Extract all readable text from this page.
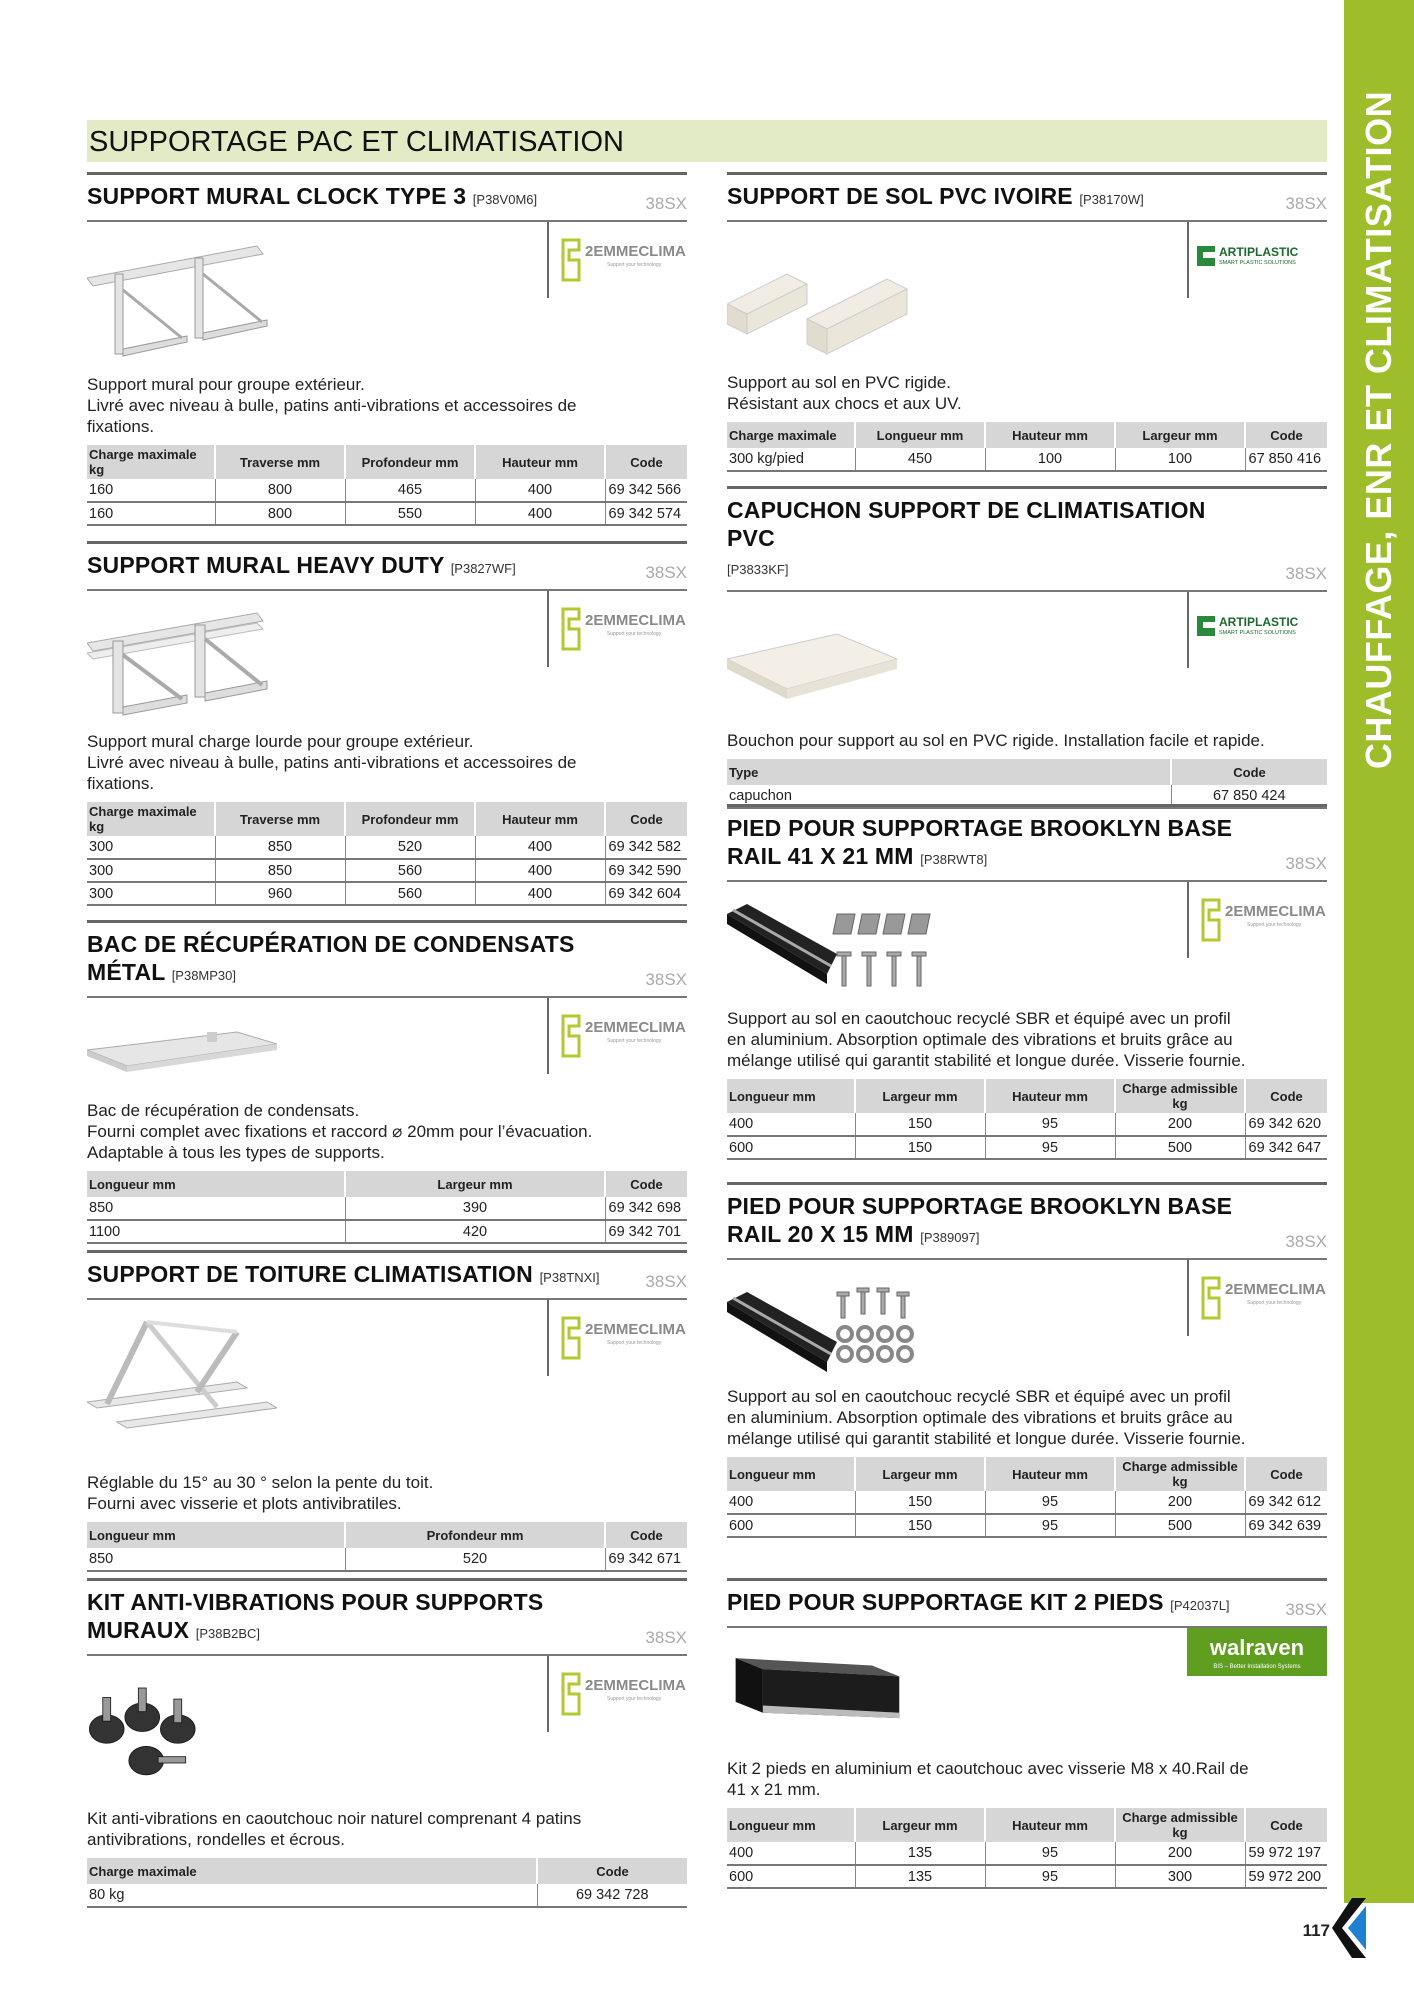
CHAUFFAGE, ENR ET CLIMATISATION
117
SUPPORTAGE PAC ET CLIMATISATION
SUPPORT MURAL CLOCK TYPE 3 [P38V0M6]	38SX
2EMMECLIMA
Support your technology
Support mural pour groupe extérieur.
Livré avec niveau à bulle, patins anti-vibrations et accessoires de
fixations.
Charge maximale kg	Traverse mm	Profondeur mm	Hauteur mm	Code
160	800	465	400	69 342 566
160	800	550	400	69 342 574
SUPPORT MURAL HEAVY DUTY [P3827WF]	38SX
2EMMECLIMA
Support your technology
Support mural charge lourde pour groupe extérieur.
Livré avec niveau à bulle, patins anti-vibrations et accessoires de
fixations.
Charge maximale kg	Traverse mm	Profondeur mm	Hauteur mm	Code
300	850	520	400	69 342 582
300	850	560	400	69 342 590
300	960	560	400	69 342 604
BAC DE RÉCUPÉRATION DE CONDENSATS
MÉTAL [P38MP30]	38SX
2EMMECLIMA
Support your technology
Bac de récupération de condensats.
Fourni complet avec fixations et raccord ⌀ 20mm pour l’évacuation.
Adaptable à tous les types de supports.
Longueur mm	Largeur mm	Code
850	390	69 342 698
1100	420	69 342 701
SUPPORT DE TOITURE CLIMATISATION [P38TNXI]	38SX
2EMMECLIMA
Support your technology
Réglable du 15° au 30 ° selon la pente du toit.
Fourni avec visserie et plots antivibratiles.
Longueur mm	Profondeur mm	Code
850	520	69 342 671
KIT ANTI-VIBRATIONS POUR SUPPORTS
MURAUX [P38B2BC]	38SX
2EMMECLIMA
Support your technology
Kit anti-vibrations en caoutchouc noir naturel comprenant 4 patins
antivibrations, rondelles et écrous.
Charge maximale	Code
80 kg	69 342 728
SUPPORT DE SOL PVC IVOIRE [P38170W]	38SX
ARTIPLASTIC
SMART PLASTIC SOLUTIONS
Support au sol en PVC rigide.
Résistant aux chocs et aux UV.
Charge maximale	Longueur mm	Hauteur mm	Largeur mm	Code
300 kg/pied	450	100	100	67 850 416
CAPUCHON SUPPORT DE CLIMATISATION PVC
[P3833KF]	38SX
ARTIPLASTIC
SMART PLASTIC SOLUTIONS
Bouchon pour support au sol en PVC rigide. Installation facile et rapide.
Type	Code
capuchon	67 850 424
PIED POUR SUPPORTAGE BROOKLYN BASE
RAIL 41 X 21 MM [P38RWT8]	38SX
2EMMECLIMA
Support your technology
Support au sol en caoutchouc recyclé SBR et équipé avec un profil
en aluminium. Absorption optimale des vibrations et bruits grâce au
mélange utilisé qui garantit stabilité et longue durée. Visserie fournie.
Longueur mm	Largeur mm	Hauteur mm	Charge admissible kg	Code
400	150	95	200	69 342 620
600	150	95	500	69 342 647
PIED POUR SUPPORTAGE BROOKLYN BASE
RAIL 20 X 15 MM [P389097]	38SX
2EMMECLIMA
Support your technology
Support au sol en caoutchouc recyclé SBR et équipé avec un profil
en aluminium. Absorption optimale des vibrations et bruits grâce au
mélange utilisé qui garantit stabilité et longue durée. Visserie fournie.
Longueur mm	Largeur mm	Hauteur mm	Charge admissible kg	Code
400	150	95	200	69 342 612
600	150	95	500	69 342 639
PIED POUR SUPPORTAGE KIT 2 PIEDS [P42037L]	38SX
walraven
BIS – Better Installation Systems
Kit 2 pieds en aluminium et caoutchouc avec visserie M8 x 40.Rail de
41 x 21 mm.
Longueur mm	Largeur mm	Hauteur mm	Charge admissible kg	Code
400	135	95	200	59 972 197
600	135	95	300	59 972 200
